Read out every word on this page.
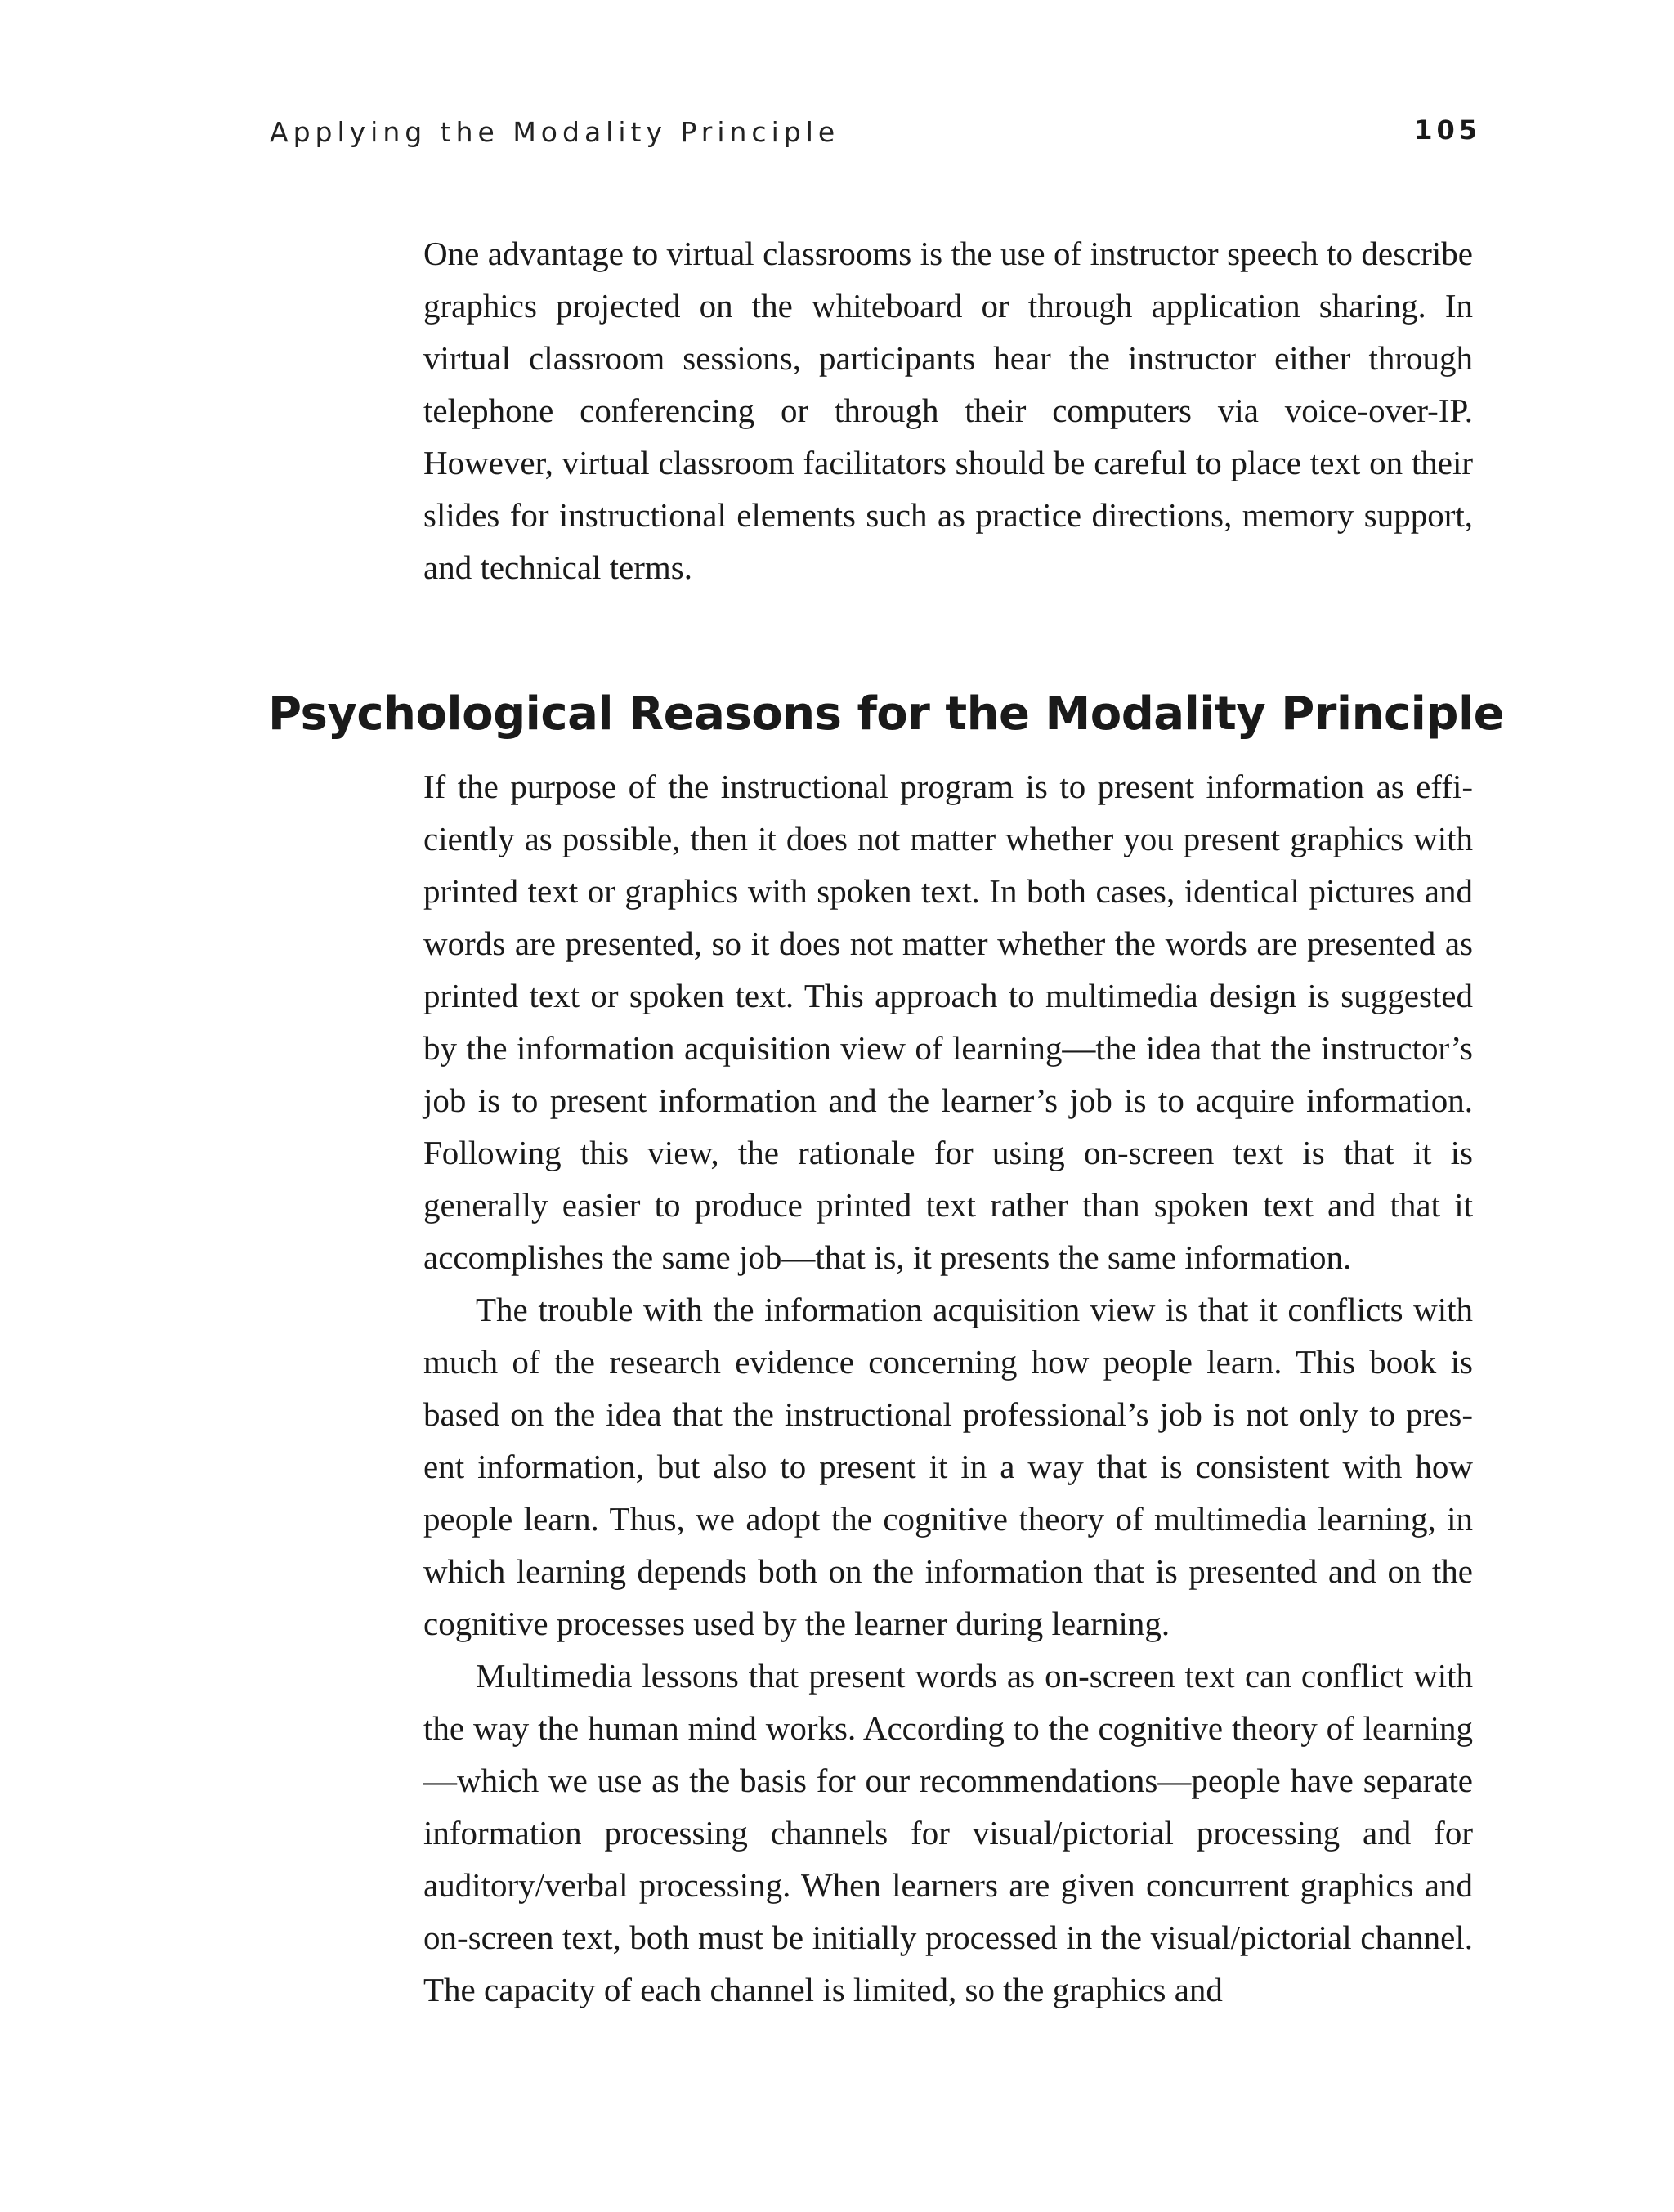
Applying the Modality Principle	105

One advantage to virtual classrooms is the use of instructor speech to describe graphics projected on the whiteboard or through application sharing. In virtual classroom sessions, participants hear the instructor either through telephone conferencing or through their computers via voice-over-IP. However, virtual classroom facilitators should be careful to place text on their slides for instructional elements such as practice directions, memory support, and technical terms.

Psychological Reasons for the Modality Principle

If the purpose of the instructional program is to present information as efficiently as possible, then it does not matter whether you present graphics with printed text or graphics with spoken text. In both cases, identical pictures and words are presented, so it does not matter whether the words are presented as printed text or spoken text. This approach to multimedia design is suggested by the information acquisition view of learning—the idea that the instructor’s job is to present information and the learner’s job is to acquire information. Following this view, the rationale for using on-screen text is that it is generally easier to produce printed text rather than spoken text and that it accomplishes the same job—that is, it presents the same information.

The trouble with the information acquisition view is that it conflicts with much of the research evidence concerning how people learn. This book is based on the idea that the instructional professional’s job is not only to present information, but also to present it in a way that is consistent with how people learn. Thus, we adopt the cognitive theory of multimedia learning, in which learning depends both on the information that is presented and on the cognitive processes used by the learner during learning.

Multimedia lessons that present words as on-screen text can conflict with the way the human mind works. According to the cognitive theory of learning—which we use as the basis for our recommendations—people have separate information processing channels for visual/pictorial processing and for auditory/verbal processing. When learners are given concurrent graphics and on-screen text, both must be initially processed in the visual/pictorial channel. The capacity of each channel is limited, so the graphics and
